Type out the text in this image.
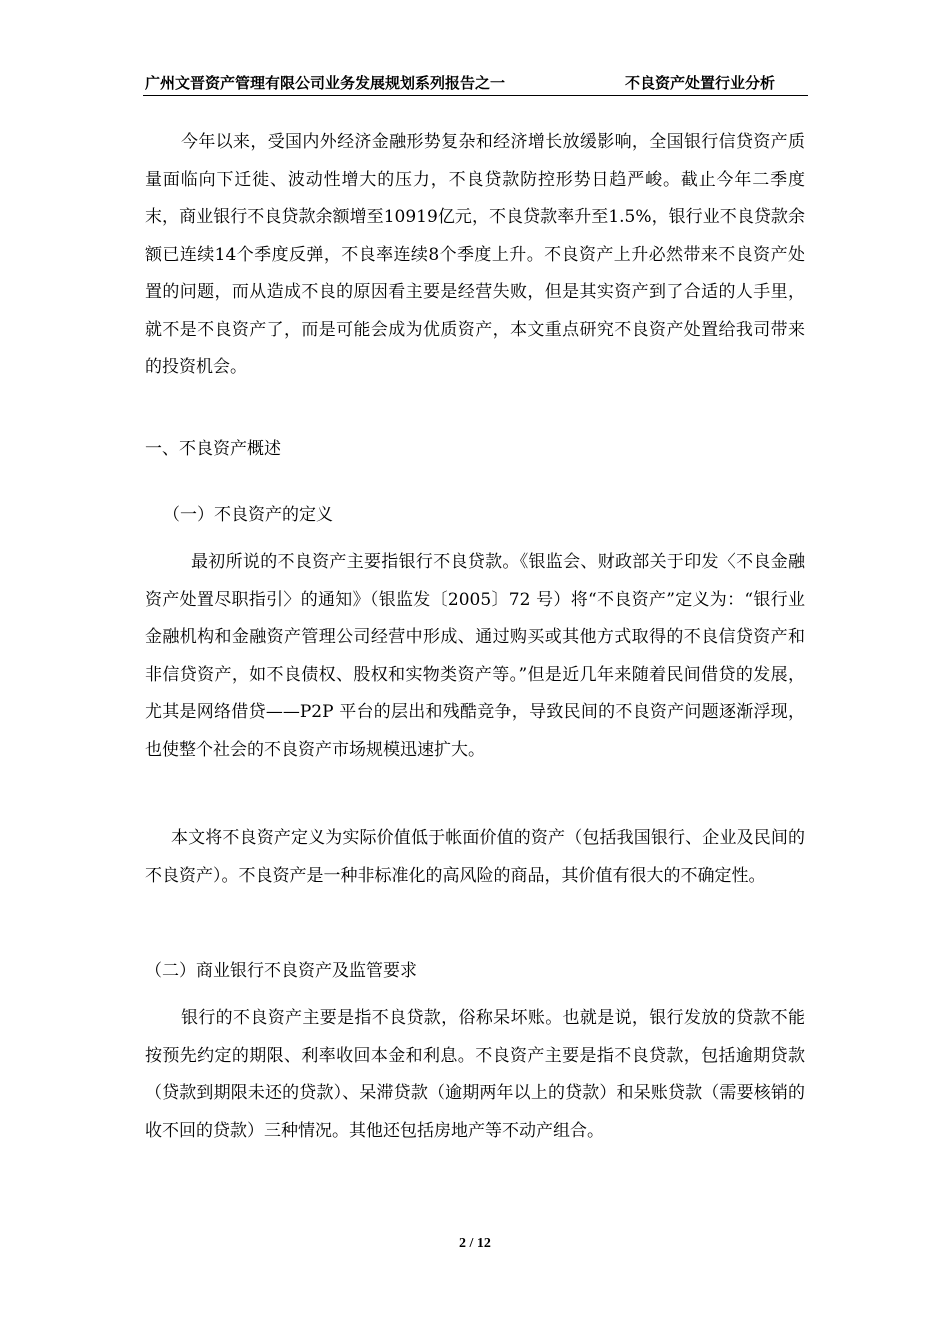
广州文晋资产管理有限公司业务发展规划系列报告之一	不良资产处置行业分析

今年以来，受国内外经济金融形势复杂和经济增长放缓影响，全国银行信贷资产质量面临向下迁徙、波动性增大的压力，不良贷款防控形势日趋严峻。截止今年二季度末，商业银行不良贷款余额增至10919亿元，不良贷款率升至1.5%，银行业不良贷款余额已连续14个季度反弹，不良率连续8个季度上升。不良资产上升必然带来不良资产处置的问题，而从造成不良的原因看主要是经营失败，但是其实资产到了合适的人手里，就不是不良资产了，而是可能会成为优质资产，本文重点研究不良资产处置给我司带来的投资机会。

一、不良资产概述
（一）不良资产的定义

最初所说的不良资产主要指银行不良贷款。《银监会、财政部关于印发〈不良金融资产处置尽职指引〉的通知》（银监发〔2005〕72 号）将“不良资产”定义为：“银行业金融机构和金融资产管理公司经营中形成、通过购买或其他方式取得的不良信贷资产和非信贷资产，如不良债权、股权和实物类资产等。”但是近几年来随着民间借贷的发展，尤其是网络借贷——P2P 平台的层出和残酷竞争，导致民间的不良资产问题逐渐浮现，也使整个社会的不良资产市场规模迅速扩大。

本文将不良资产定义为实际价值低于帐面价值的资产（包括我国银行、企业及民间的不良资产）。不良资产是一种非标准化的高风险的商品，其价值有很大的不确定性。

（二）商业银行不良资产及监管要求

银行的不良资产主要是指不良贷款，俗称呆坏账。也就是说，银行发放的贷款不能按预先约定的期限、利率收回本金和利息。不良资产主要是指不良贷款，包括逾期贷款（贷款到期限未还的贷款）、呆滞贷款（逾期两年以上的贷款）和呆账贷款（需要核销的收不回的贷款）三种情况。其他还包括房地产等不动产组合。

2 / 12
